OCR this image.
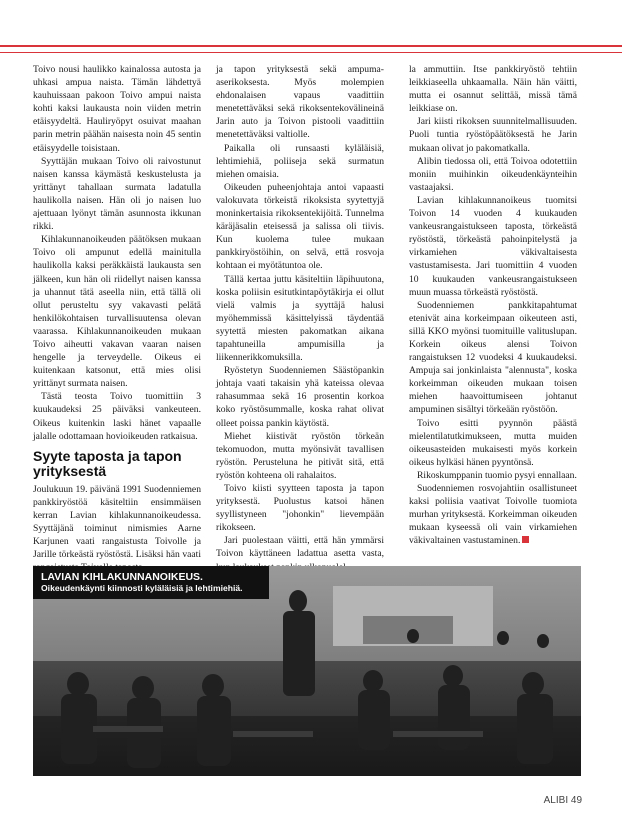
Toivo nousi haulikko kainalossa autosta ja uhkasi ampua naista. Tämän lähdettyä kauhuissaan pakoon Toivo ampui naista kohti kaksi laukausta noin viiden metrin etäisyydeltä. Hauliryöpyt osuivat maahan parin metrin päähän naisesta noin 45 sentin etäisyydelle toisistaan.

Syyttäjän mukaan Toivo oli raivostunut naisen kanssa käymästä keskustelusta ja yrittänyt tahallaan surmata ladatulla haulikolla naisen. Hän oli jo naisen luo ajettuaan lyönyt tämän asunnosta ikkunan rikki.

Kihlakunnanoikeuden päätöksen mukaan Toivo oli ampunut edellä mainitulla haulikolla kaksi peräkkäistä laukausta sen jälkeen, kun hän oli riidellyt naisen kanssa ja uhannut tätä aseella niin, että tällä oli ollut perusteltu syy vakavasti pelätä henkilökohtaisen turvallisuutensa olevan vaarassa. Kihlakunnanoikeuden mukaan Toivo aiheutti vakavan vaaran naisen hengelle ja terveydelle. Oikeus ei kuitenkaan katsonut, että mies olisi yrittänyt surmata naisen.

Tästä teosta Toivo tuomittiin 3 kuukaudeksi 25 päiväksi vankeuteen. Oikeus kuitenkin laski hänet vapaalle jalalle odottamaan hovioikeuden ratkaisua.

Syyte taposta ja tapon yrityksestä

Joulukuun 19. päivänä 1991 Suodenniemen pankkiryöstöä käsiteltiin ensimmäisen kerran Lavian kihlakunnanoikeudessa. Syyttäjänä toiminut nimismies Aarne Karjunen vaati rangaistusta Toivolle ja Jarille törkeästä ryöstöstä. Lisäksi hän vaati

ja tapon yrityksestä sekä ampuma-aserikoksesta. Myös molempien ehdonalaisen vapaus vaadittiin menetettäväksi sekä rikoksentekovälineinä Jarin auto ja Toivon pistooli vaadittiin menetettäväksi valtiolle.

Paikalla oli runsaasti kyläläisiä, lehtimiehiä, poliiseja sekä surmatun miehen omaisia.

Oikeuden puheenjohtaja antoi vapaasti valokuvata törkeistä rikoksista syytettyjä moninkertaisia rikoksentekijöitä. Tunnelma käräjäsalin eteisessä ja salissa oli tiivis. Kun kuolema tulee mukaan pankkiryöstöihin, on selvä, että rosvoja kohtaan ei myötätuntoa ole.

Tällä kertaa juttu käsiteltiin läpihuutona, koska poliisin esitutkintapöytäkirja ei ollut vielä valmis ja syyttäjä halusi myöhemmissä käsittelyissä täydentää syytettä miesten pakomatkan aikana tapahtuneilla ampumisilla ja liikennerikkomuksilla.

Ryöstetyn Suodenniemen Säästöpankin johtaja vaati takaisin yhä kateissa olevaa rahasummaa sekä 16 prosentin korkoa koko ryöstösummalle, koska rahat olivat olleet poissa pankin käytöstä.

Miehet kiistivät ryöstön törkeän tekomuodon, mutta myönsivät tavallisen ryöstön. Perusteluna he pitivät sitä, että ryöstön kohteena oli rahalaitos.

Toivo kiisti syytteen taposta ja tapon yrityksestä. Puolustus katsoi hänen syyllistyneen "johonkin" lievempään rikokseen.

Jari puolestaan väitti, että hän ymmärsi Toivon käyttäneen ladattua asetta vasta,

la ammuttiin. Itse pankkiryöstö tehtiin leikkiaseella uhkaamalla. Näin hän väitti, mutta ei osannut selittää, missä tämä leikkiase on.

Jari kiisti rikoksen suunnitelmallisuuden. Puoli tuntia ryöstöpäätöksestä he Jarin mukaan olivat jo pakomatkalla.

Alibin tiedossa oli, että Toivoa odotettiin moniin muihinkin oikeudenkäynteihin vastaajaksi.

Lavian kihlakunnanoikeus tuomitsi Toivon 14 vuoden 4 kuukauden vankeusrangaistukseen taposta, törkeästä ryöstöstä, törkeästä pahoinpitelystä ja virkamiehen väkivaltaisesta vastustamisesta. Jari tuomittiin 4 vuoden 10 kuukauden vankeusrangaistukseen muun muassa törkeästä ryöstöstä.

Suodenniemen pankkitapahtumat etenivät aina korkeimpaan oikeuteen asti, sillä KKO myönsi tuomituille valituslupan. Korkein oikeus alensi Toivon rangaistuksen 12 vuodeksi 4 kuukaudeksi. Ampuja sai jonkinlaista "alennusta", koska korkeimman oikeuden mukaan toisen miehen haavoittumiseen johtanut ampuminen sisältyi törkeään ryöstöön.

Toivo esitti pyynnön päästä mielentilatutkimukseen, mutta muiden oikeusasteiden mukaisesti myös korkein oikeus hylkäsi hänen pyyntönsä.

Rikoskumppanin tuomio pysyi ennallaan.

Suodenniemen rosvojahtiin osallistuneet kaksi poliisia vaativat Toivolle tuomiota murhan yrityksestä. Korkeimman oikeuden mukaan kyseessä oli vain virkamiehen väkivaltainen vastustaminen.

LAVIAN KIHLAKUNNANOIKEUS.
Oikeudenkäynti kiinnosti kyläläisiä ja lehtimiehiä.
ALIBI 49
